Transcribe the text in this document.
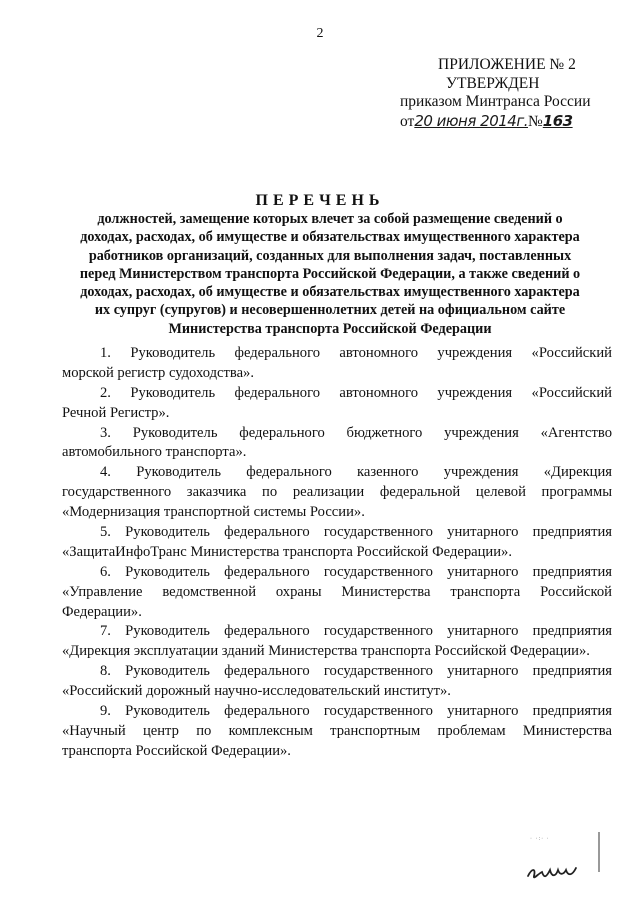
2
ПРИЛОЖЕНИЕ № 2
УТВЕРЖДЕН
приказом Минтранса России
от20 июня 2014г.№163
ПЕРЕЧЕНЬ
должностей, замещение которых влечет за собой размещение сведений о
доходах, расходах, об имуществе и обязательствах имущественного характера
работников организаций, созданных для выполнения задач, поставленных
перед Министерством транспорта Российской Федерации, а также сведений о
доходах, расходах, об имуществе и обязательствах имущественного характера
их супруг (супругов) и несовершеннолетних детей на официальном сайте
Министерства транспорта Российской Федерации
1. Руководитель федерального автономного учреждения «Российский
морской регистр судоходства».
2. Руководитель федерального автономного учреждения «Российский
Речной Регистр».
3. Руководитель федерального бюджетного учреждения «Агентство
автомобильного транспорта».
4. Руководитель федерального казенного учреждения «Дирекция
государственного заказчика по реализации федеральной целевой программы
«Модернизация транспортной системы России».
5. Руководитель федерального государственного унитарного предприятия
«ЗащитаИнфоТранс Министерства транспорта Российской Федерации».
6. Руководитель федерального государственного унитарного предприятия
«Управление ведомственной охраны Министерства транспорта Российской
Федерации».
7. Руководитель федерального государственного унитарного предприятия
«Дирекция эксплуатации зданий Министерства транспорта Российской Федерации».
8. Руководитель федерального государственного унитарного предприятия
«Российский дорожный научно-исследовательский институт».
9. Руководитель федерального государственного унитарного предприятия
«Научный центр по комплексным транспортным проблемам Министерства
транспорта Российской Федерации».
· ·:· ·
